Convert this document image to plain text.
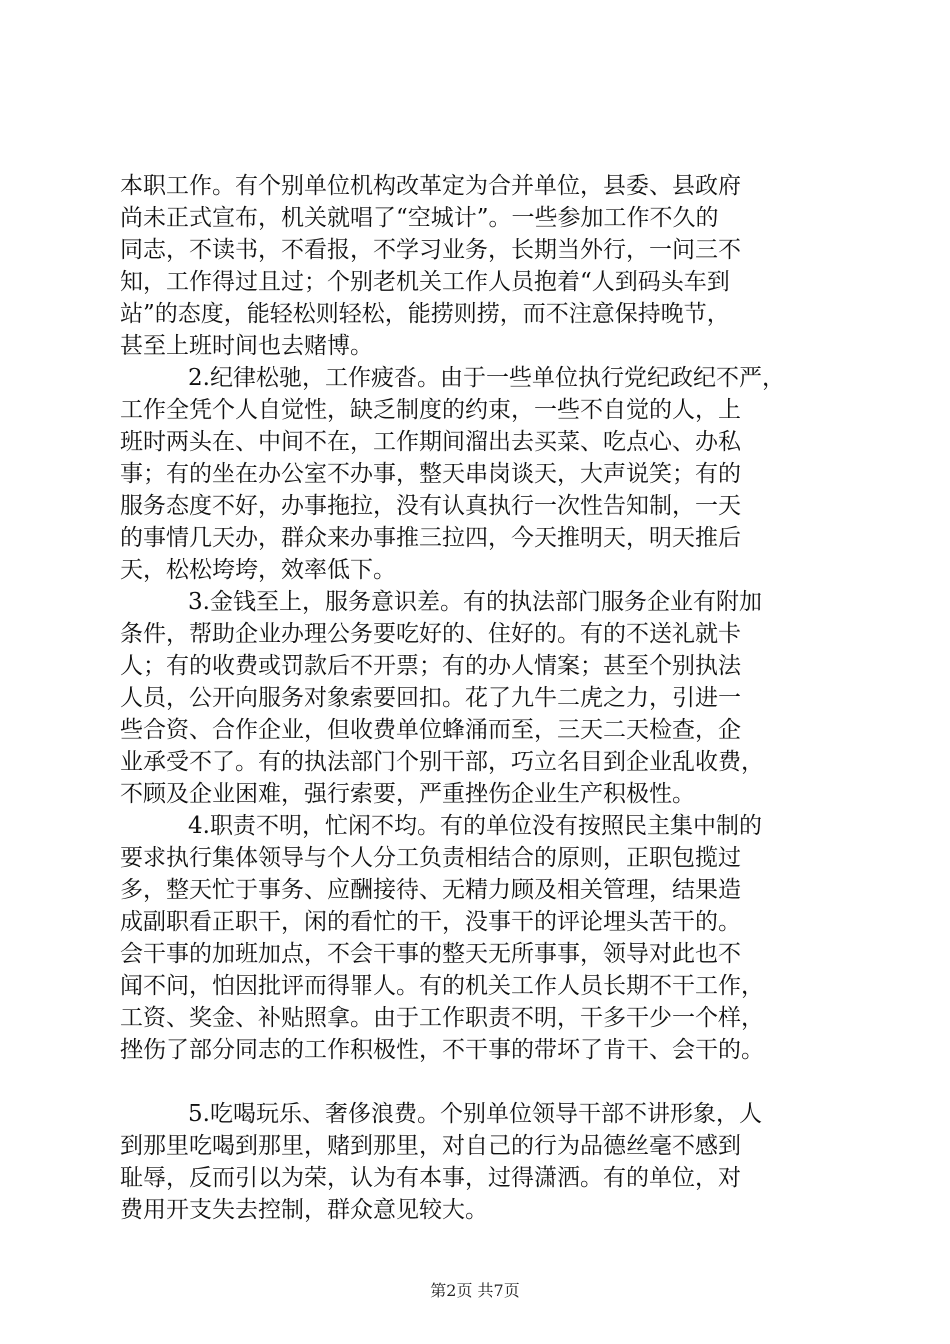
本职工作。有个别单位机构改革定为合并单位，县委、县政府
尚未正式宣布，机关就唱了“空城计”。一些参加工作不久的
同志，不读书，不看报，不学习业务，长期当外行，一问三不
知，工作得过且过；个别老机关工作人员抱着“人到码头车到
站”的态度，能轻松则轻松，能捞则捞，而不注意保持晚节，
甚至上班时间也去赌博。
2.纪律松驰，工作疲沓。由于一些单位执行党纪政纪不严，
工作全凭个人自觉性，缺乏制度的约束，一些不自觉的人，上
班时两头在、中间不在，工作期间溜出去买菜、吃点心、办私
事；有的坐在办公室不办事，整天串岗谈天，大声说笑；有的
服务态度不好，办事拖拉，没有认真执行一次性告知制，一天
的事情几天办，群众来办事推三拉四，今天推明天，明天推后
天，松松垮垮，效率低下。
3.金钱至上，服务意识差。有的执法部门服务企业有附加
条件，帮助企业办理公务要吃好的、住好的。有的不送礼就卡
人；有的收费或罚款后不开票；有的办人情案；甚至个别执法
人员，公开向服务对象索要回扣。花了九牛二虎之力，引进一
些合资、合作企业，但收费单位蜂涌而至，三天二天检查，企
业承受不了。有的执法部门个别干部，巧立名目到企业乱收费，
不顾及企业困难，强行索要，严重挫伤企业生产积极性。
4.职责不明，忙闲不均。有的单位没有按照民主集中制的
要求执行集体领导与个人分工负责相结合的原则，正职包揽过
多，整天忙于事务、应酬接待、无精力顾及相关管理，结果造
成副职看正职干，闲的看忙的干，没事干的评论埋头苦干的。
会干事的加班加点，不会干事的整天无所事事，领导对此也不
闻不问，怕因批评而得罪人。有的机关工作人员长期不干工作，
工资、奖金、补贴照拿。由于工作职责不明，干多干少一个样，
挫伤了部分同志的工作积极性，不干事的带坏了肯干、会干的。
5.吃喝玩乐、奢侈浪费。个别单位领导干部不讲形象，人
到那里吃喝到那里，赌到那里，对自己的行为品德丝毫不感到
耻辱，反而引以为荣，认为有本事，过得潇洒。有的单位，对
费用开支失去控制，群众意见较大。
第2页 共7页
